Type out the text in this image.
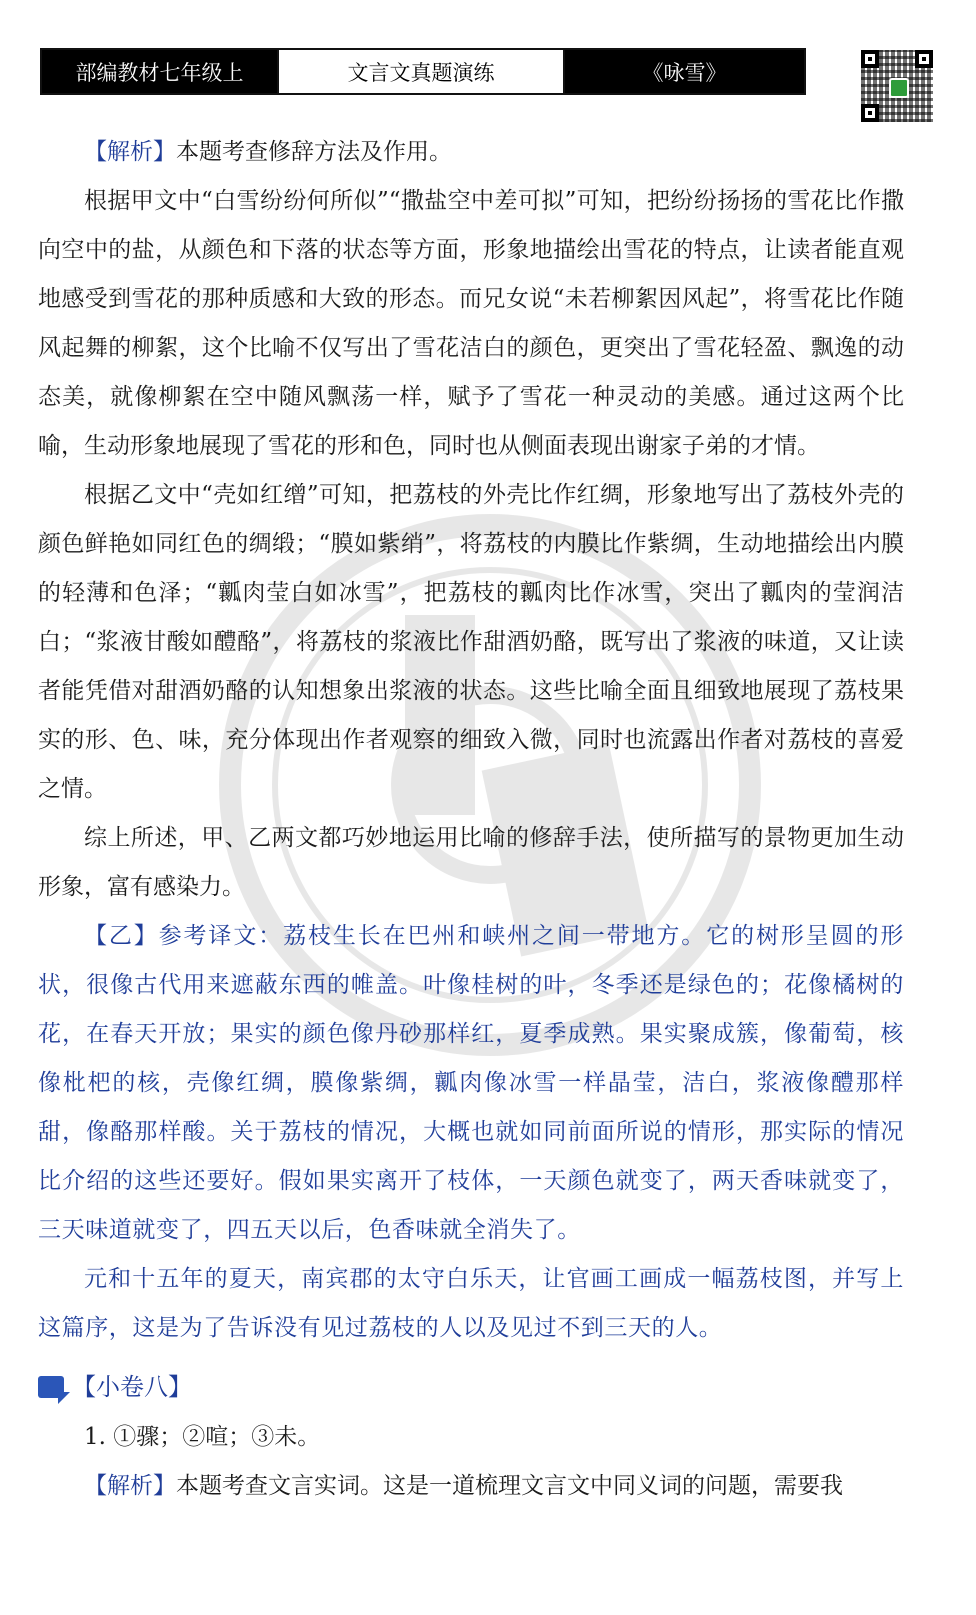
部编教材七年级上	文言文真题演练	《咏雪》

【解析】本题考查修辞方法及作用。

根据甲文中“白雪纷纷何所似”“撒盐空中差可拟”可知，把纷纷扬扬的雪花比作撒向空中的盐，从颜色和下落的状态等方面，形象地描绘出雪花的特点，让读者能直观地感受到雪花的那种质感和大致的形态。而兄女说“未若柳絮因风起”，将雪花比作随风起舞的柳絮，这个比喻不仅写出了雪花洁白的颜色，更突出了雪花轻盈、飘逸的动态美，就像柳絮在空中随风飘荡一样，赋予了雪花一种灵动的美感。通过这两个比喻，生动形象地展现了雪花的形和色，同时也从侧面表现出谢家子弟的才情。

根据乙文中“壳如红缯”可知，把荔枝的外壳比作红绸，形象地写出了荔枝外壳的颜色鲜艳如同红色的绸缎；“膜如紫绡”，将荔枝的内膜比作紫绸，生动地描绘出内膜的轻薄和色泽；“瓤肉莹白如冰雪”，把荔枝的瓤肉比作冰雪，突出了瓤肉的莹润洁白；“浆液甘酸如醴酪”，将荔枝的浆液比作甜酒奶酪，既写出了浆液的味道，又让读者能凭借对甜酒奶酪的认知想象出浆液的状态。这些比喻全面且细致地展现了荔枝果实的形、色、味，充分体现出作者观察的细致入微，同时也流露出作者对荔枝的喜爱之情。

综上所述，甲、乙两文都巧妙地运用比喻的修辞手法，使所描写的景物更加生动形象，富有感染力。

【乙】参考译文：荔枝生长在巴州和峡州之间一带地方。它的树形呈圆的形状，很像古代用来遮蔽东西的帷盖。叶像桂树的叶，冬季还是绿色的；花像橘树的花，在春天开放；果实的颜色像丹砂那样红，夏季成熟。果实聚成簇，像葡萄，核像枇杷的核，壳像红绸，膜像紫绸，瓤肉像冰雪一样晶莹，洁白，浆液像醴那样甜，像酪那样酸。关于荔枝的情况，大概也就如同前面所说的情形，那实际的情况比介绍的这些还要好。假如果实离开了枝体，一天颜色就变了，两天香味就变了，三天味道就变了，四五天以后，色香味就全消失了。

元和十五年的夏天，南宾郡的太守白乐天，让官画工画成一幅荔枝图，并写上这篇序，这是为了告诉没有见过荔枝的人以及见过不到三天的人。

【小卷八】

1. ①骤；②喧；③未。

【解析】本题考查文言实词。这是一道梳理文言文中同义词的问题，需要我
